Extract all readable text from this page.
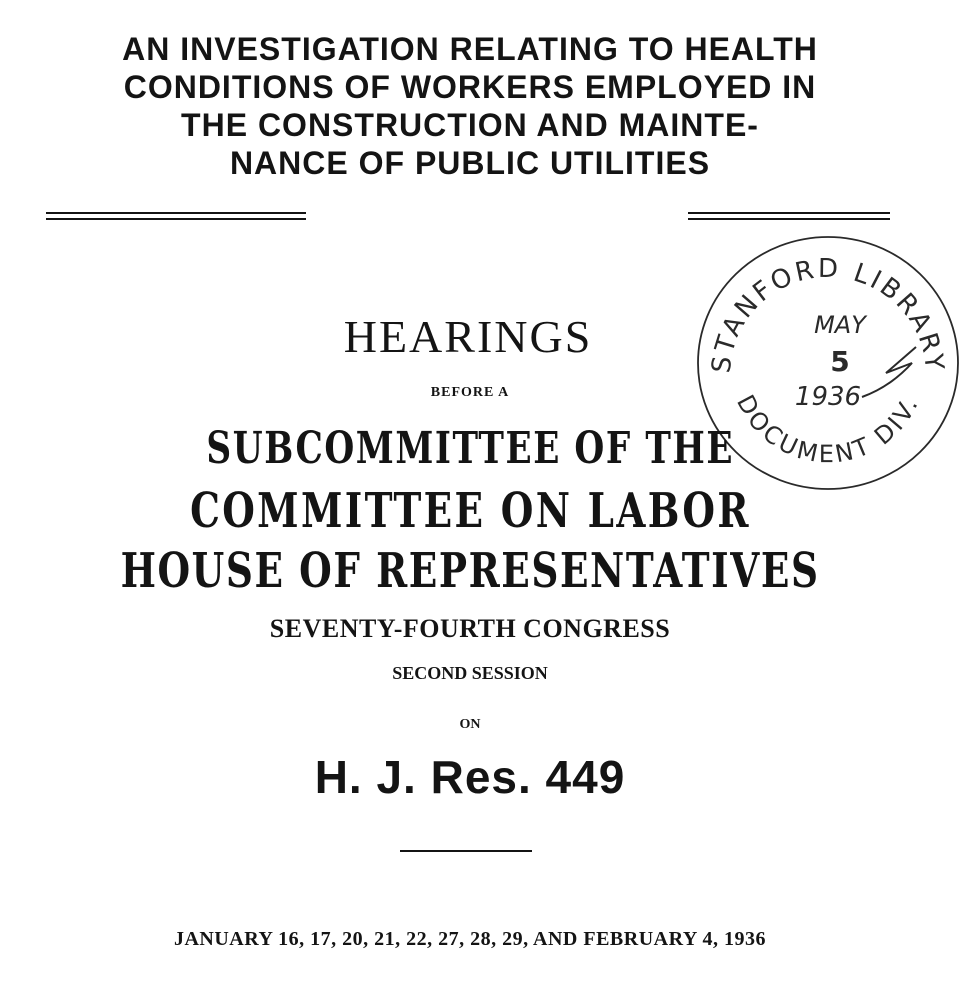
AN INVESTIGATION RELATING TO HEALTH
CONDITIONS OF WORKERS EMPLOYED IN
THE CONSTRUCTION AND MAINTE-
NANCE OF PUBLIC UTILITIES
STANFORD LIBRARY
DOCUMENT DIV.
MAY
5
1936
HEARINGS
BEFORE A
SUBCOMMITTEE OF THE
COMMITTEE ON LABOR
HOUSE OF REPRESENTATIVES
SEVENTY-FOURTH CONGRESS
SECOND SESSION
ON
H. J. Res. 449
JANUARY 16, 17, 20, 21, 22, 27, 28, 29, AND FEBRUARY 4, 1936
